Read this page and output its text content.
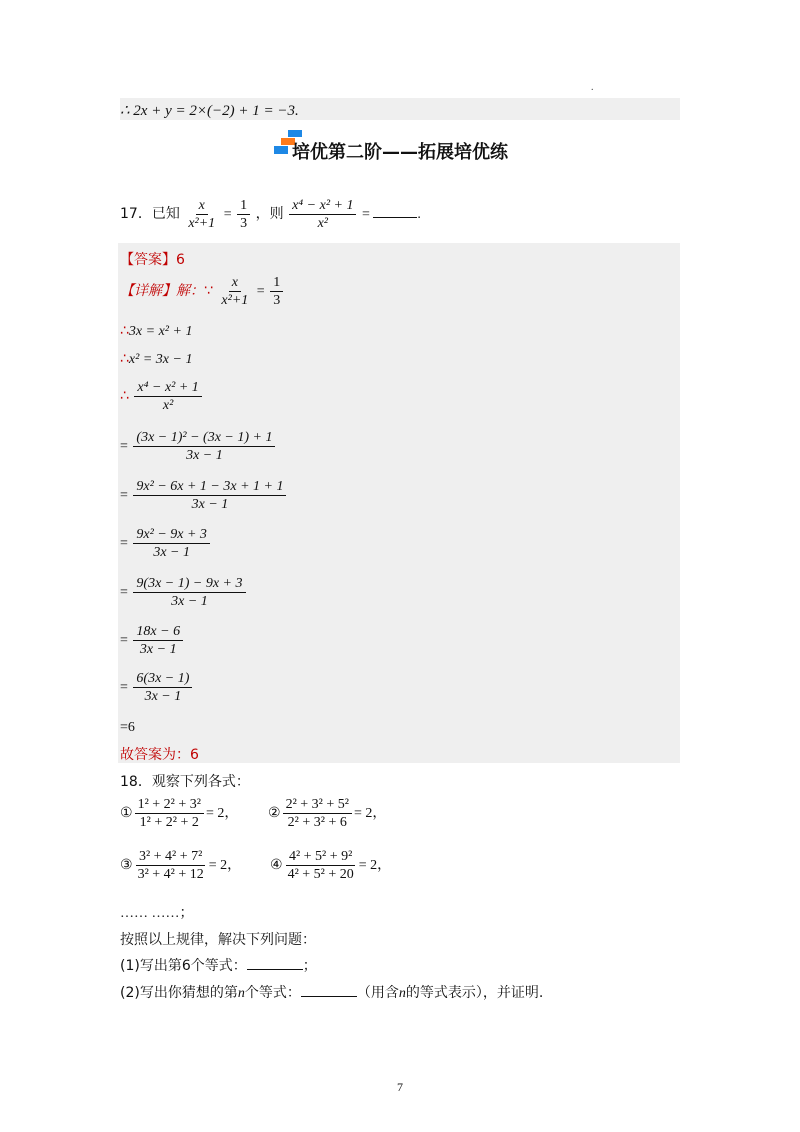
.
∴ 2x + y = 2×(−2) + 1 = −3.
培优第二阶——拓展培优练
17．已知 $\frac{x}{\text{x²+1}} = \frac{1}{3}$ ，则 $\frac{\text{x⁴ − x² + 1}}{\text{x²}}$ =	.
【答案】6
【详解】解：∵ $\frac{x}{\text{x²+1}} = \frac{1}{3}$
∴3x = x² + 1
∴x² = 3x − 1
∴ $\frac{\text{x⁴ − x² + 1}}{\text{x²}}$
= $\frac{\text{(3x − 1)² − (3x − 1) + 1}}{3x - 1}$
= $\frac{\text{9x² − 6x + 1 − 3x + 1 + 1}}{3x - 1}$
= $\frac{\text{9x² − 9x + 3}}{3x - 1}$
= $\frac{9(3x - 1) - 9x + 3}{3x - 1}$
= $\frac{18x - 6}{3x - 1}$
= $\frac{6(3x - 1)}{3x - 1}$
=6
故答案为：6
18．观察下列各式：
① $\frac{\text{1² + 2² + 3²}}{\text{1² + 2² + 2}} = 2$， ② $\frac{\text{2² + 3² + 5²}}{\text{2² + 3² + 6}} = 2$，
③ $\frac{\text{3² + 4² + 7²}}{\text{3² + 4² + 12}} = 2$， ④ $\frac{\text{4² + 5² + 9²}}{\text{4² + 5² + 20}} = 2$，
…… ……；
按照以上规律，解决下列问题：
(1)写出第6个等式：	；
(2)写出你猜想的第n个等式：	（用含n的等式表示），并证明.
7
